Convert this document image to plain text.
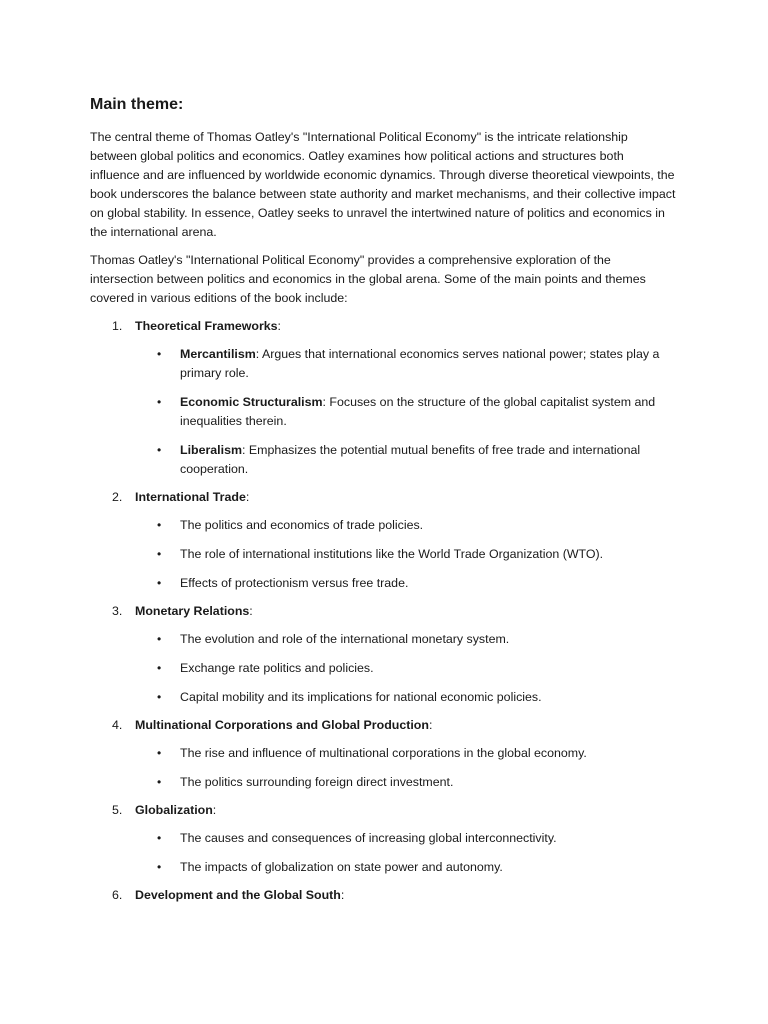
Main theme:

The central theme of Thomas Oatley's "International Political Economy" is the intricate relationship between global politics and economics. Oatley examines how political actions and structures both influence and are influenced by worldwide economic dynamics. Through diverse theoretical viewpoints, the book underscores the balance between state authority and market mechanisms, and their collective impact on global stability. In essence, Oatley seeks to unravel the intertwined nature of politics and economics in the international arena.

Thomas Oatley's "International Political Economy" provides a comprehensive exploration of the intersection between politics and economics in the global arena. Some of the main points and themes covered in various editions of the book include:

1. Theoretical Frameworks:
• Mercantilism: Argues that international economics serves national power; states play a primary role.
• Economic Structuralism: Focuses on the structure of the global capitalist system and inequalities therein.
• Liberalism: Emphasizes the potential mutual benefits of free trade and international cooperation.
2. International Trade:
• The politics and economics of trade policies.
• The role of international institutions like the World Trade Organization (WTO).
• Effects of protectionism versus free trade.
3. Monetary Relations:
• The evolution and role of the international monetary system.
• Exchange rate politics and policies.
• Capital mobility and its implications for national economic policies.
4. Multinational Corporations and Global Production:
• The rise and influence of multinational corporations in the global economy.
• The politics surrounding foreign direct investment.
5. Globalization:
• The causes and consequences of increasing global interconnectivity.
• The impacts of globalization on state power and autonomy.
6. Development and the Global South:
